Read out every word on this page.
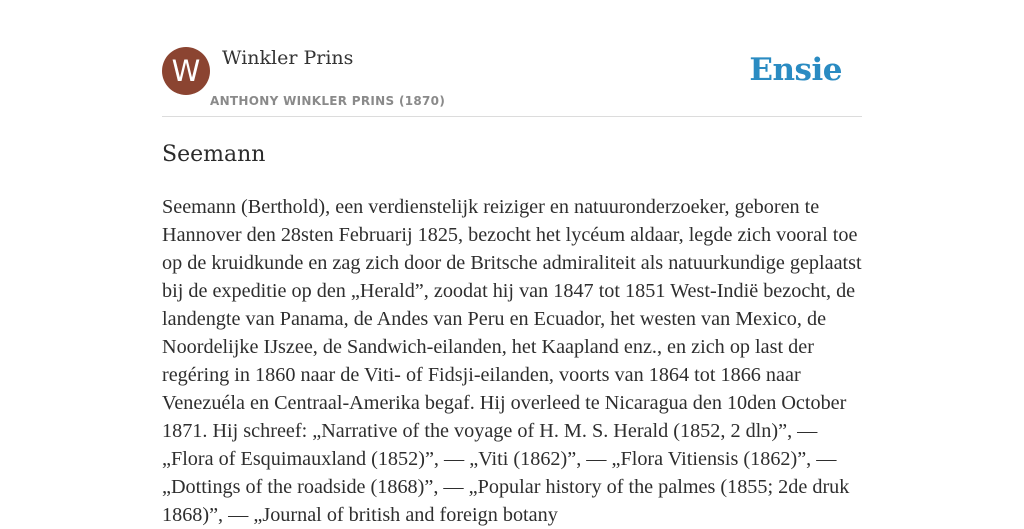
W	Winkler Prins
ANTHONY WINKLER PRINS (1870)
Ensie
Seemann

Seemann (Berthold), een verdienstelijk reiziger en natuuronderzoeker, geboren te Hannover den 28sten Februarij 1825, bezocht het lycéum aldaar, legde zich vooral toe op de kruidkunde en zag zich door de Britsche admiraliteit als natuurkundige geplaatst bij de expeditie op den „Herald”, zoodat hij van 1847 tot 1851 West-Indië bezocht, de landengte van Panama, de Andes van Peru en Ecuador, het westen van Mexico, de Noordelijke IJszee, de Sandwich-eilanden, het Kaapland enz., en zich op last der regéring in 1860 naar de Viti- of Fidsji-eilanden, voorts van 1864 tot 1866 naar Venezuéla en Centraal-Amerika begaf. Hij overleed te Nicaragua den 10den October 1871. Hij schreef: „Narrative of the voyage of H. M. S. Herald (1852, 2 dln)”, — „Flora of Esquimauxland (1852)”, — „Viti (1862)”, — „Flora Vitiensis (1862)”, — „Dottings of the roadside (1868)”, — „Popular history of the palmes (1855; 2de druk 1868)”, — „Journal of british and foreign botany
